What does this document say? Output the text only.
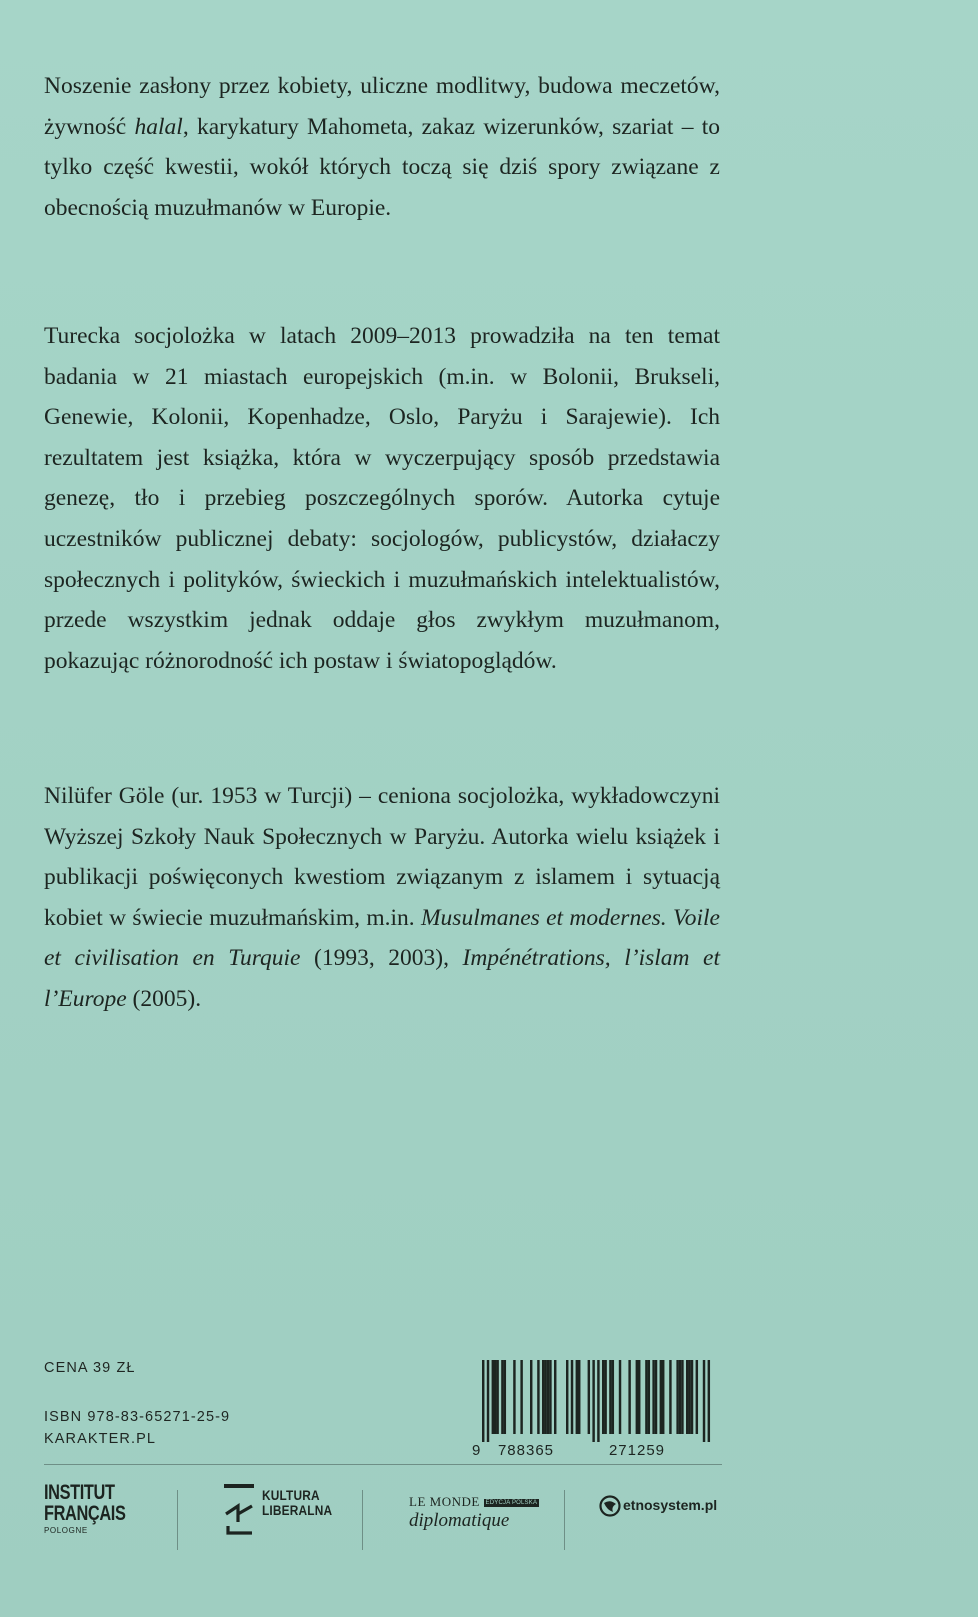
Noszenie zasłony przez kobiety, uliczne modlitwy, budowa meczetów, żywność halal, karykatury Mahometa, zakaz wizerunków, szariat – to tylko część kwestii, wokół których toczą się dziś spory związane z obecnością muzułmanów w Europie.

Turecka socjolożka w latach 2009–2013 prowadziła na ten temat badania w 21 miastach europejskich (m.in. w Bolonii, Brukseli, Genewie, Kolonii, Kopenhadze, Oslo, Paryżu i Sarajewie). Ich rezultatem jest książka, która w wyczerpujący sposób przedstawia genezę, tło i przebieg poszczególnych sporów. Autorka cytuje uczestników publicznej debaty: socjologów, publicystów, działaczy społecznych i polityków, świeckich i muzułmańskich intelektualistów, przede wszystkim jednak oddaje głos zwykłym muzułmanom, pokazując różnorodność ich postaw i światopoglądów.

Nilüfer Göle (ur. 1953 w Turcji) – ceniona socjolożka, wykładowczyni Wyższej Szkoły Nauk Społecznych w Paryżu. Autorka wielu książek i publikacji poświęconych kwestiom związanym z islamem i sytuacją kobiet w świecie muzułmańskim, m.in. Musulmanes et modernes. Voile et civilisation en Turquie (1993, 2003), Impénétrations, l’islam et l’Europe (2005).

CENA 39 ZŁ
ISBN 978-83-65271-25-9
KARAKTER.PL
9 788365	271259
INSTITUT
FRANÇAIS
POLOGNE
KULTURA
LIBERALNA
LE MONDE EDYCJA POLSKA
diplomatique
etnosystem.pl
